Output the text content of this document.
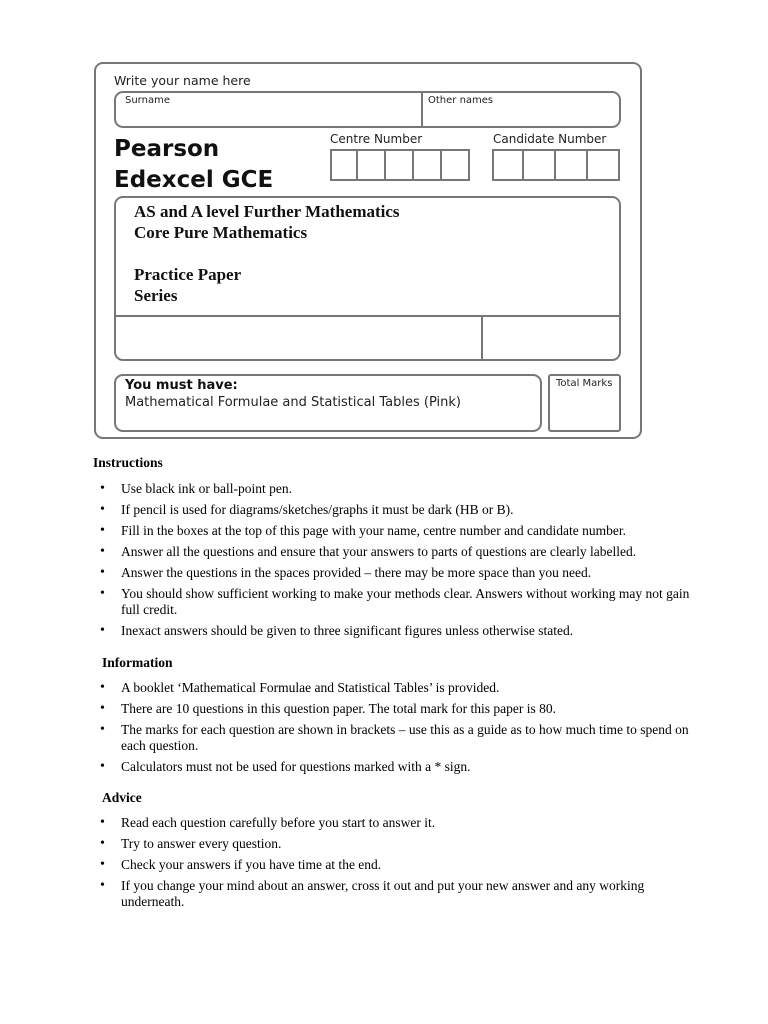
Write your name here
Surname	Other names
Pearson
Edexcel GCE
Centre Number	Candidate Number
AS and A level Further Mathematics
Core Pure Mathematics
Practice Paper
Series
You must have:
Mathematical Formulae and Statistical Tables (Pink)
Total Marks
Instructions
• Use black ink or ball-point pen.
• If pencil is used for diagrams/sketches/graphs it must be dark (HB or B).
• Fill in the boxes at the top of this page with your name, centre number and candidate number.
• Answer all the questions and ensure that your answers to parts of questions are clearly labelled.
• Answer the questions in the spaces provided – there may be more space than you need.
• You should show sufficient working to make your methods clear. Answers without working may not gain full credit.
• Inexact answers should be given to three significant figures unless otherwise stated.
Information
• A booklet ‘Mathematical Formulae and Statistical Tables’ is provided.
• There are 10 questions in this question paper. The total mark for this paper is 80.
• The marks for each question are shown in brackets – use this as a guide as to how much time to spend on each question.
• Calculators must not be used for questions marked with a * sign.
Advice
• Read each question carefully before you start to answer it.
• Try to answer every question.
• Check your answers if you have time at the end.
• If you change your mind about an answer, cross it out and put your new answer and any working underneath.
